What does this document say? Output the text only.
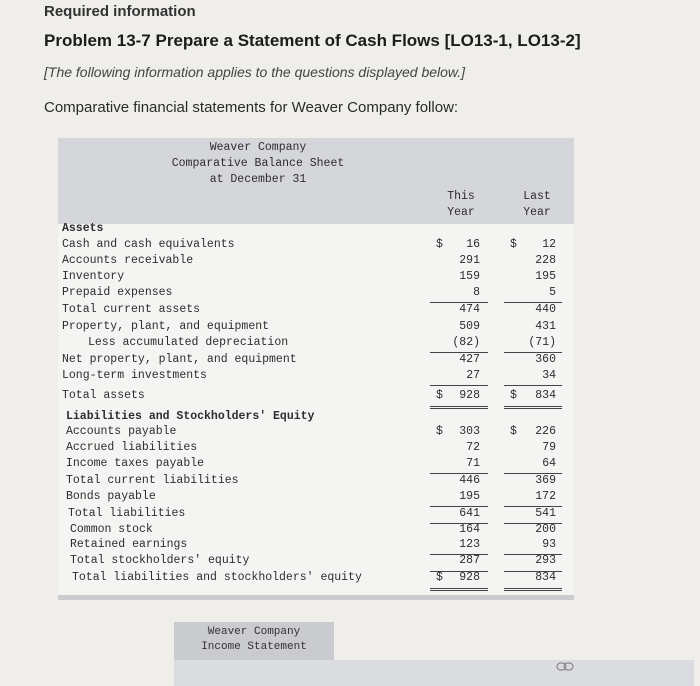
Required information
Problem 13-7 Prepare a Statement of Cash Flows [LO13-1, LO13-2]
[The following information applies to the questions displayed below.]
Comparative financial statements for Weaver Company follow:
Weaver Company
Comparative Balance Sheet
at December 31
This
Year
Last
Year
Assets
Cash and cash equivalents	$	16	$	12
Accounts receivable	291	228
Inventory	159	195
Prepaid expenses	8	5
Total current assets	474	440
Property, plant, and equipment	509	431
Less accumulated depreciation	(82)	(71)
Net property, plant, and equipment	427	360
Long-term investments	27	34
Total assets	$	928	$	834
Liabilities and Stockholders' Equity
Accounts payable	$	303	$	226
Accrued liabilities	72	79
Income taxes payable	71	64
Total current liabilities	446	369
Bonds payable	195	172
Total liabilities	641	541
Common stock	164	200
Retained earnings	123	93
Total stockholders' equity	287	293
Total liabilities and stockholders' equity	$	928	834
Weaver Company
Income Statement
